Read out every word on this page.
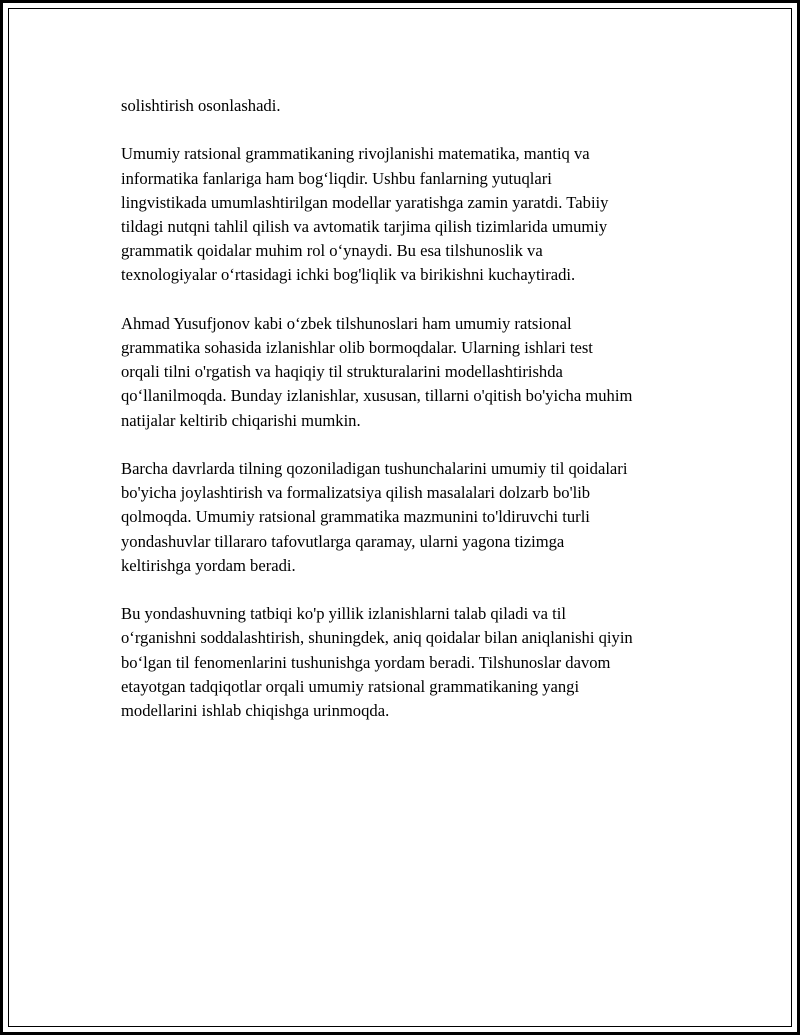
solishtirish osonlashadi.

Umumiy ratsional grammatikaning rivojlanishi matematika, mantiq va
informatika fanlariga ham bog‘liqdir. Ushbu fanlarning yutuqlari
lingvistikada umumlashtirilgan modellar yaratishga zamin yaratdi. Tabiiy
tildagi nutqni tahlil qilish va avtomatik tarjima qilish tizimlarida umumiy
grammatik qoidalar muhim rol o‘ynaydi. Bu esa tilshunoslik va
texnologiyalar o‘rtasidagi ichki bog'liqlik va birikishni kuchaytiradi.

Ahmad Yusufjonov kabi o‘zbek tilshunoslari ham umumiy ratsional
grammatika sohasida izlanishlar olib bormoqdalar. Ularning ishlari test
orqali tilni o'rgatish va haqiqiy til strukturalarini modellashtirishda
qo‘llanilmoqda. Bunday izlanishlar, xususan, tillarni o'qitish bo'yicha muhim
natijalar keltirib chiqarishi mumkin.

Barcha davrlarda tilning qozoniladigan tushunchalarini umumiy til qoidalari
bo'yicha joylashtirish va formalizatsiya qilish masalalari dolzarb bo'lib
qolmoqda. Umumiy ratsional grammatika mazmunini to'ldiruvchi turli
yondashuvlar tillararo tafovutlarga qaramay, ularni yagona tizimga
keltirishga yordam beradi.

Bu yondashuvning tatbiqi ko'p yillik izlanishlarni talab qiladi va til
o‘rganishni soddalashtirish, shuningdek, aniq qoidalar bilan aniqlanishi qiyin
bo‘lgan til fenomenlarini tushunishga yordam beradi. Tilshunoslar davom
etayotgan tadqiqotlar orqali umumiy ratsional grammatikaning yangi
modellarini ishlab chiqishga urinmoqda.
